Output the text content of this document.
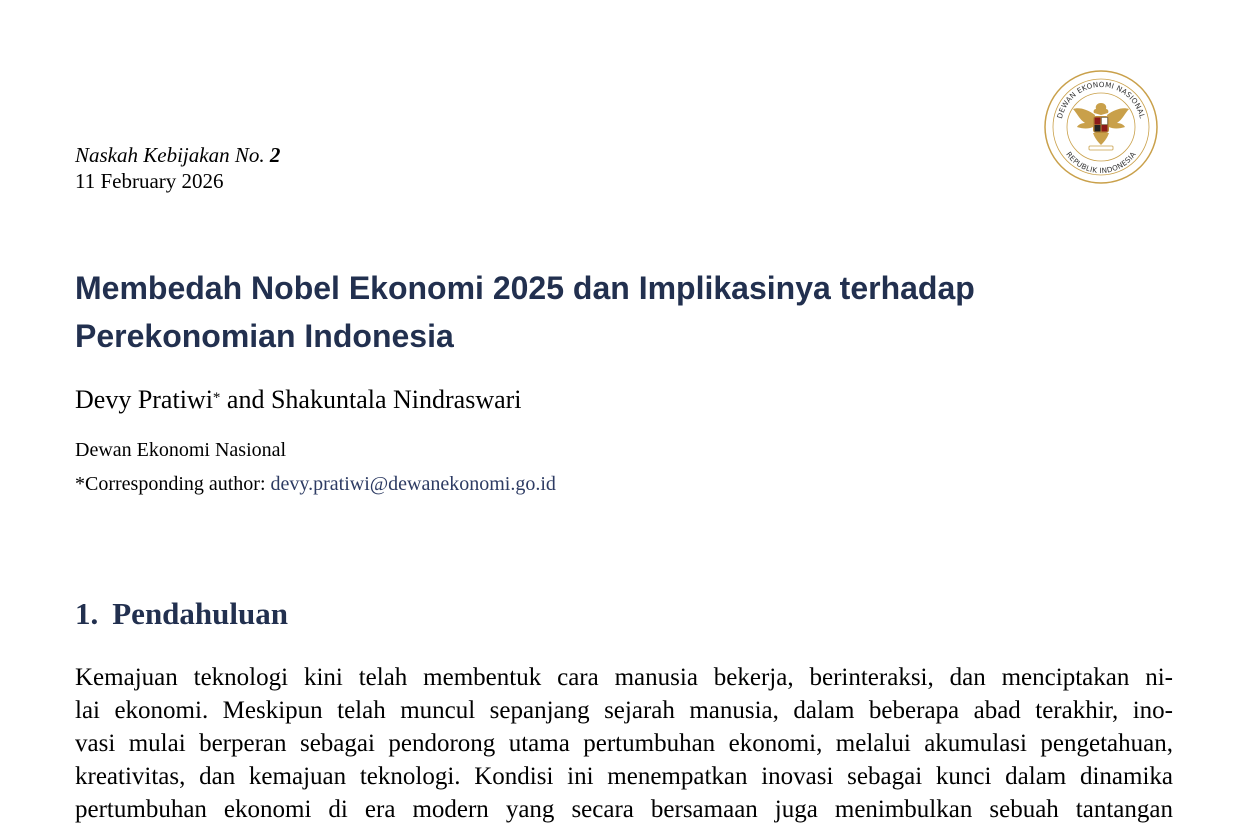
Naskah Kebijakan No. 2
11 February 2026
DEWAN EKONOMI NASIONAL
REPUBLIK INDONESIA
Membedah Nobel Ekonomi 2025 dan Implikasinya terhadap
Perekonomian Indonesia
Devy Pratiwi* and Shakuntala Nindraswari
Dewan Ekonomi Nasional
*Corresponding author: devy.pratiwi@dewanekonomi.go.id
1. Pendahuluan
Kemajuan teknologi kini telah membentuk cara manusia bekerja, berinteraksi, dan menciptakan ni-
lai ekonomi. Meskipun telah muncul sepanjang sejarah manusia, dalam beberapa abad terakhir, ino-
vasi mulai berperan sebagai pendorong utama pertumbuhan ekonomi, melalui akumulasi pengetahuan,
kreativitas, dan kemajuan teknologi. Kondisi ini menempatkan inovasi sebagai kunci dalam dinamika
pertumbuhan ekonomi di era modern yang secara bersamaan juga menimbulkan sebuah tantangan
